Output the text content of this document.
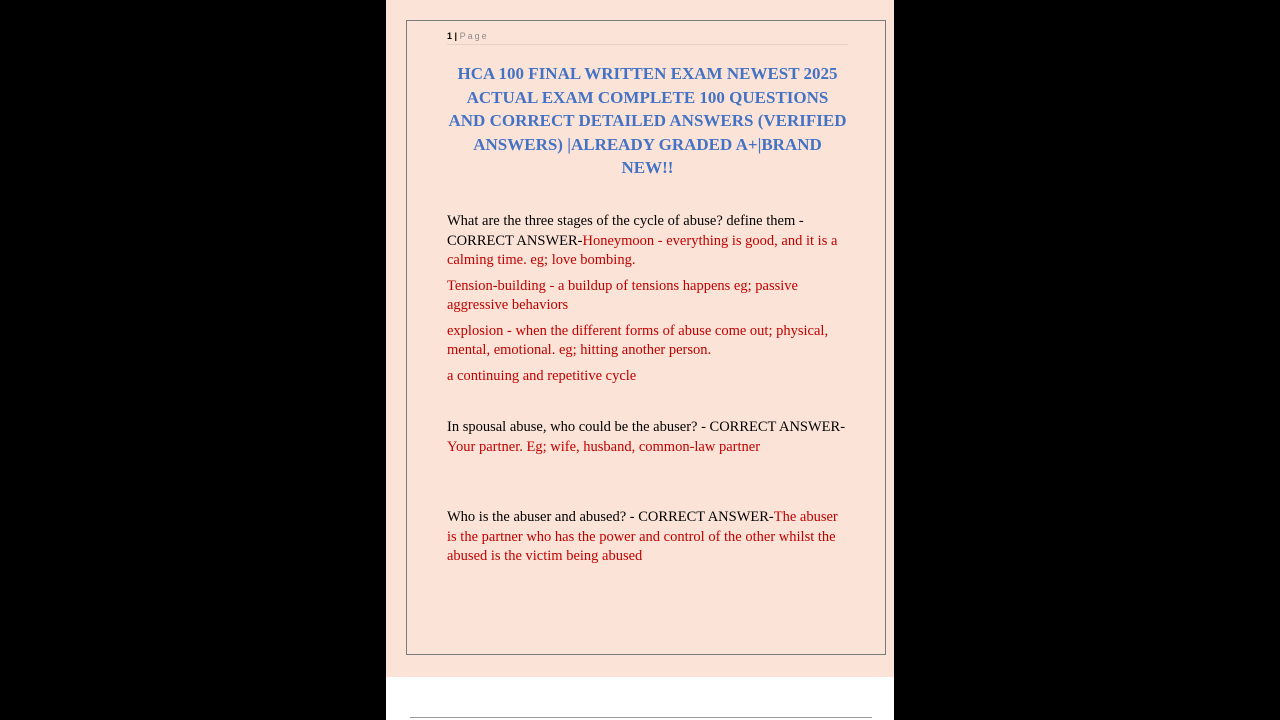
1 | Page
HCA 100 FINAL WRITTEN EXAM NEWEST 2025 ACTUAL EXAM COMPLETE 100 QUESTIONS AND CORRECT DETAILED ANSWERS (VERIFIED ANSWERS) |ALREADY GRADED A+|BRAND NEW!!

What are the three stages of the cycle of abuse? define them - CORRECT ANSWER-Honeymoon - everything is good, and it is a calming time. eg; love bombing.

Tension-building - a buildup of tensions happens eg; passive aggressive behaviors

explosion - when the different forms of abuse come out; physical, mental, emotional. eg; hitting another person.

a continuing and repetitive cycle

In spousal abuse, who could be the abuser? - CORRECT ANSWER-Your partner. Eg; wife, husband, common-law partner

Who is the abuser and abused? - CORRECT ANSWER-The abuser is the partner who has the power and control of the other whilst the abused is the victim being abused
